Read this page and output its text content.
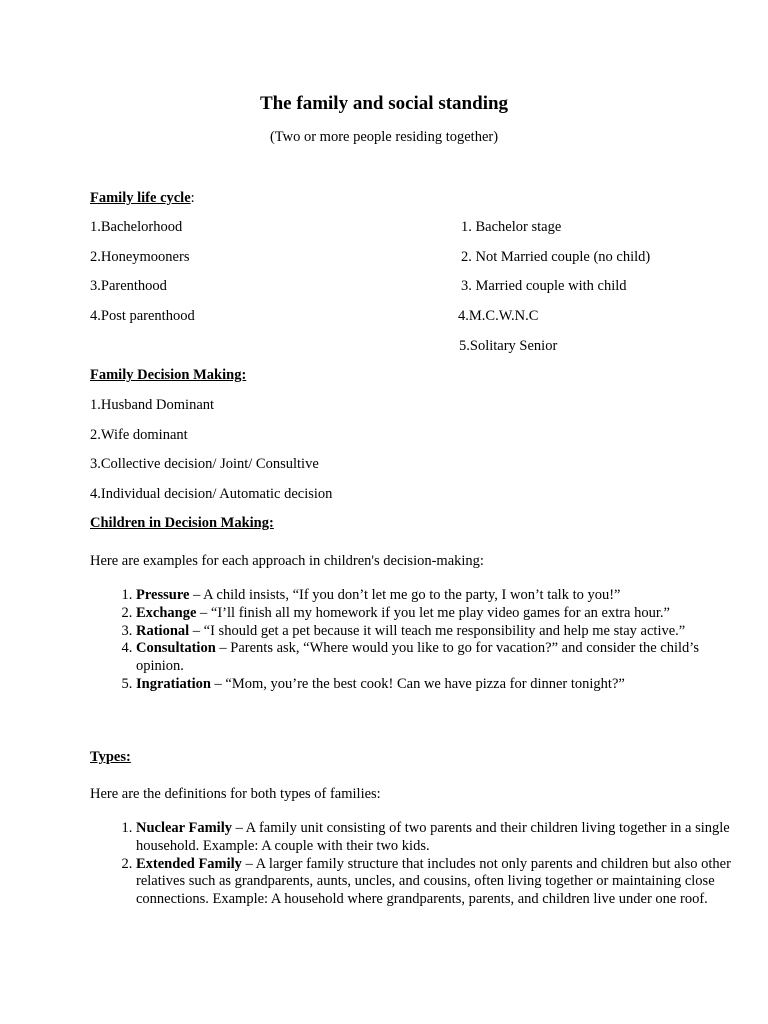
The family and social standing
(Two or more people residing together)
Family life cycle:
1.Bachelorhood
2.Honeymooners
3.Parenthood
4.Post parenthood
1. Bachelor stage
2. Not Married couple (no child)
3. Married couple with child
4.M.C.W.N.C
5.Solitary Senior
Family Decision Making:
1.Husband Dominant
2.Wife dominant
3.Collective decision/ Joint/ Consultive
4.Individual decision/ Automatic decision
Children in Decision Making:
Here are examples for each approach in children's decision-making:
1. Pressure – A child insists, “If you don’t let me go to the party, I won’t talk to you!”
2. Exchange – “I’ll finish all my homework if you let me play video games for an extra hour.”
3. Rational – “I should get a pet because it will teach me responsibility and help me stay active.”
4. Consultation – Parents ask, “Where would you like to go for vacation?” and consider the child’s opinion.
5. Ingratiation – “Mom, you’re the best cook! Can we have pizza for dinner tonight?”
Types:
Here are the definitions for both types of families:
1. Nuclear Family – A family unit consisting of two parents and their children living together in a single household. Example: A couple with their two kids.
2. Extended Family – A larger family structure that includes not only parents and children but also other relatives such as grandparents, aunts, uncles, and cousins, often living together or maintaining close connections. Example: A household where grandparents, parents, and children live under one roof.
